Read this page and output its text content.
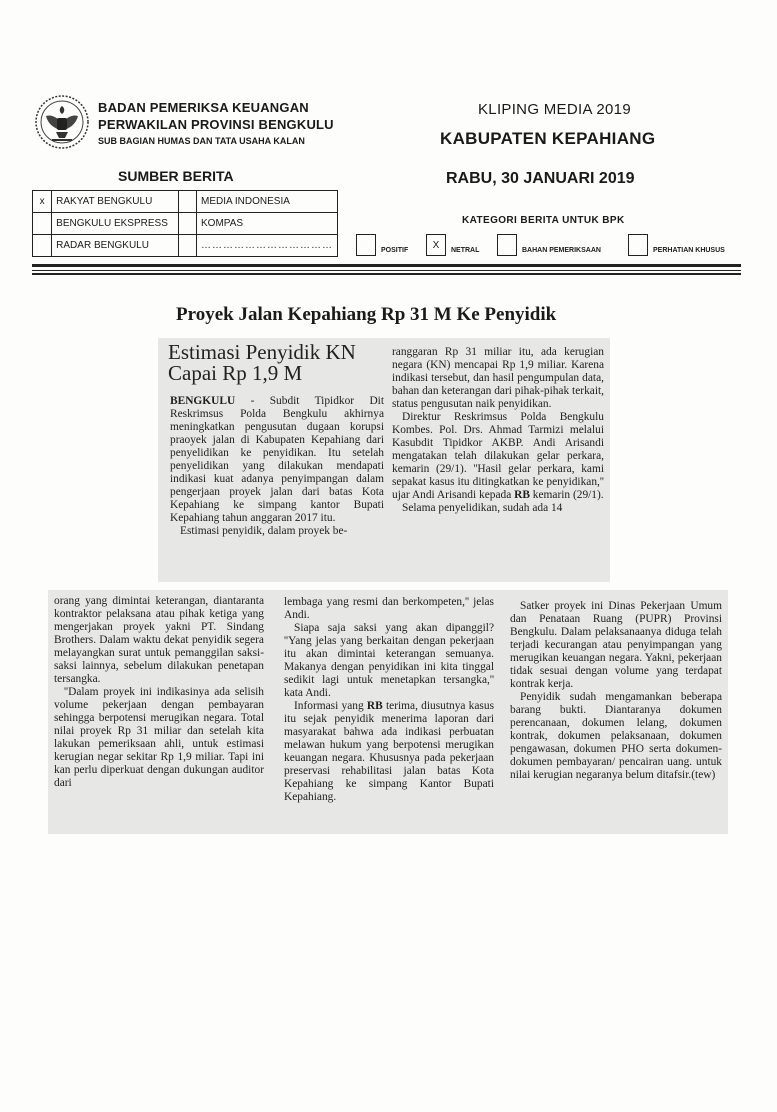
BADAN PEMERIKSA KEUANGAN
PERWAKILAN PROVINSI BENGKULU
SUB BAGIAN HUMAS DAN TATA USAHA KALAN
KLIPING MEDIA 2019
KABUPATEN KEPAHIANG
SUMBER BERITA	RABU, 30 JANUARI 2019
x	RAKYAT BENGKULU		MEDIA INDONESIA
	BENGKULU EKSPRESS		KOMPAS
	RADAR BENGKULU		………………………………
KATEGORI BERITA UNTUK BPK
POSITIF	X	NETRAL	BAHAN PEMERIKSAAN	PERHATIAN KHUSUS
Proyek Jalan Kepahiang Rp 31 M Ke Penyidik
Estimasi Penyidik KN Capai Rp 1,9 M

BENGKULU - Subdit Tipidkor Dit Reskrimsus Polda Bengkulu akhirnya meningkatkan pengusutan dugaan korupsi praoyek jalan di Kabupaten Kepahiang dari penyelidikan ke penyidikan. Itu setelah penyelidikan yang dilakukan mendapati indikasi kuat adanya penyimpangan dalam pengerjaan proyek jalan dari batas Kota Kepahiang ke simpang kantor Bupati Kepahiang tahun anggaran 2017 itu.

Estimasi penyidik, dalam proyek be-

ranggaran Rp 31 miliar itu, ada kerugian negara (KN) mencapai Rp 1,9 miliar. Karena indikasi tersebut, dan hasil pengumpulan data, bahan dan keterangan dari pihak-pihak terkait, status pengusutan naik penyidikan.

Direktur Reskrimsus Polda Bengkulu Kombes. Pol. Drs. Ahmad Tarmizi melalui Kasubdit Tipidkor AKBP. Andi Arisandi mengatakan telah dilakukan gelar perkara, kemarin (29/1). ''Hasil gelar perkara, kami sepakat kasus itu ditingkatkan ke penyidikan,'' ujar Andi Arisandi kepada RB kemarin (29/1).

Selama penyelidikan, sudah ada 14

orang yang dimintai keterangan, diantaranta kontraktor pelaksana atau pihak ketiga yang mengerjakan proyek yakni PT. Sindang Brothers. Dalam waktu dekat penyidik segera melayangkan surat untuk pemanggilan saksi-saksi lainnya, sebelum dilakukan penetapan tersangka.

''Dalam proyek ini indikasinya ada selisih volume pekerjaan dengan pembayaran sehingga berpotensi merugikan negara. Total nilai proyek Rp 31 miliar dan setelah kita lakukan pemeriksaan ahli, untuk estimasi kerugian negar sekitar Rp 1,9 miliar. Tapi ini kan perlu diperkuat dengan dukungan auditor dari

lembaga yang resmi dan berkompeten,'' jelas Andi.

Siapa saja saksi yang akan dipanggil? ''Yang jelas yang berkaitan dengan pekerjaan itu akan dimintai keterangan semuanya. Makanya dengan penyidikan ini kita tinggal sedikit lagi untuk menetapkan tersangka,'' kata Andi.

Informasi yang RB terima, diusutnya kasus itu sejak penyidik menerima laporan dari masyarakat bahwa ada indikasi perbuatan melawan hukum yang berpotensi merugikan keuangan negara. Khususnya pada pekerjaan preservasi rehabilitasi jalan batas Kota Kepahiang ke simpang Kantor Bupati Kepahiang.

Satker proyek ini Dinas Pekerjaan Umum dan Penataan Ruang (PUPR) Provinsi Bengkulu. Dalam pelaksanaanya diduga telah terjadi kecurangan atau penyimpangan yang merugikan keuangan negara. Yakni, pekerjaan tidak sesuai dengan volume yang terdapat kontrak kerja.

Penyidik sudah mengamankan beberapa barang bukti. Diantaranya dokumen perencanaan, dokumen lelang, dokumen kontrak, dokumen pelaksanaan, dokumen pengawasan, dokumen PHO serta dokumen-dokumen pembayaran/ pencairan uang. untuk nilai kerugian negaranya belum ditafsir.(tew)
